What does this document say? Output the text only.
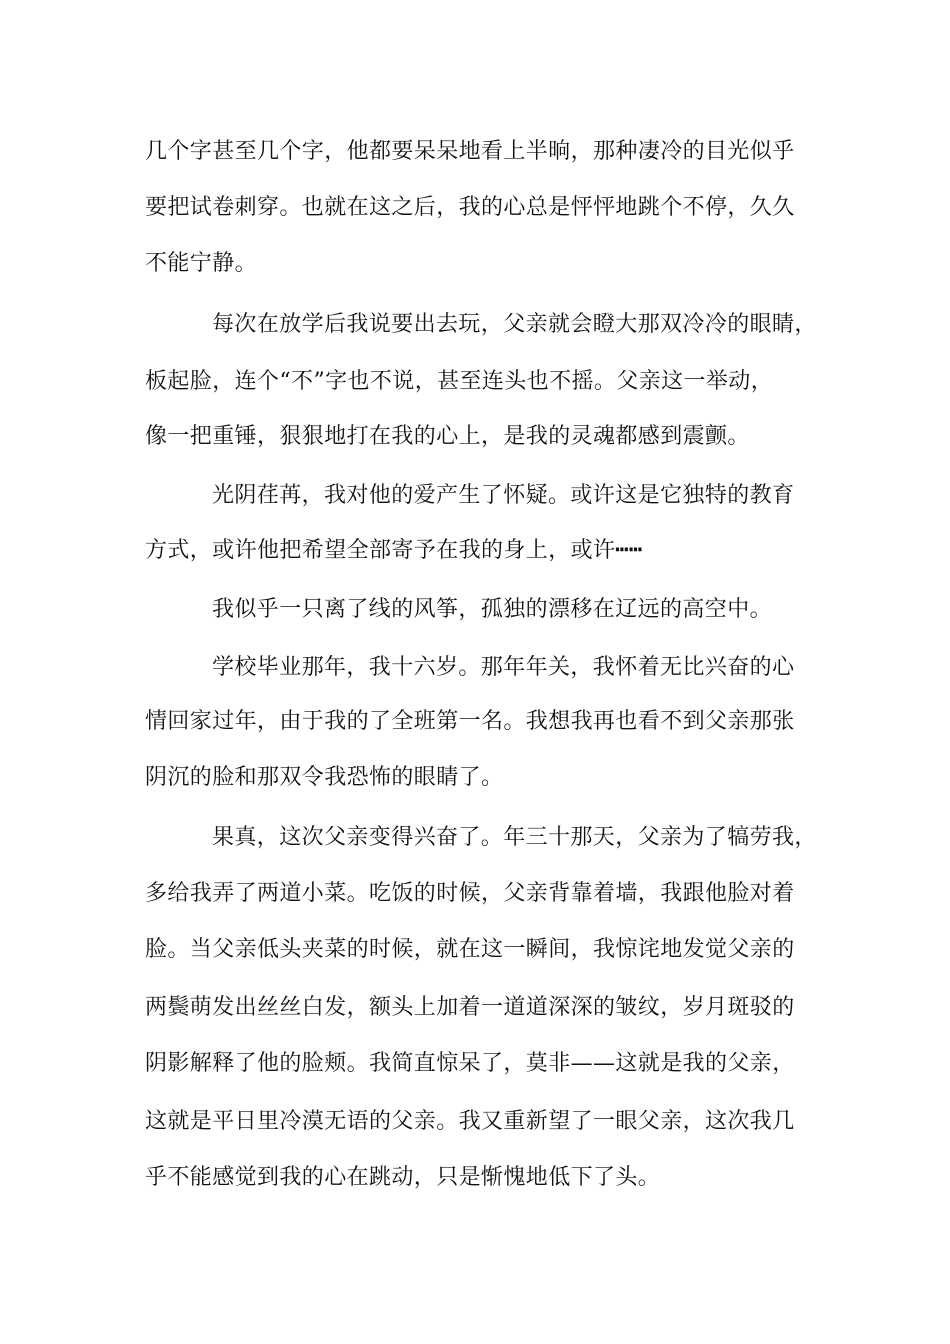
几个字甚至几个字，他都要呆呆地看上半晌，那种凄冷的目光似乎
要把试卷刺穿。也就在这之后，我的心总是怦怦地跳个不停，久久
不能宁静。
每次在放学后我说要出去玩，父亲就会瞪大那双冷冷的眼睛，
板起脸，连个“不”字也不说，甚至连头也不摇。父亲这一举动，
像一把重锤，狠狠地打在我的心上，是我的灵魂都感到震颤。
光阴荏苒，我对他的爱产生了怀疑。或许这是它独特的教育
方式，或许他把希望全部寄予在我的身上，或许┅┅
我似乎一只离了线的风筝，孤独的漂移在辽远的高空中。
学校毕业那年，我十六岁。那年年关，我怀着无比兴奋的心
情回家过年，由于我的了全班第一名。我想我再也看不到父亲那张
阴沉的脸和那双令我恐怖的眼睛了。
果真，这次父亲变得兴奋了。年三十那天，父亲为了犒劳我，
多给我弄了两道小菜。吃饭的时候，父亲背靠着墙，我跟他脸对着
脸。当父亲低头夹菜的时候，就在这一瞬间，我惊诧地发觉父亲的
两鬓萌发出丝丝白发，额头上加着一道道深深的皱纹，岁月斑驳的
阴影解释了他的脸颊。我简直惊呆了，莫非——这就是我的父亲，
这就是平日里冷漠无语的父亲。我又重新望了一眼父亲，这次我几
乎不能感觉到我的心在跳动，只是惭愧地低下了头。
